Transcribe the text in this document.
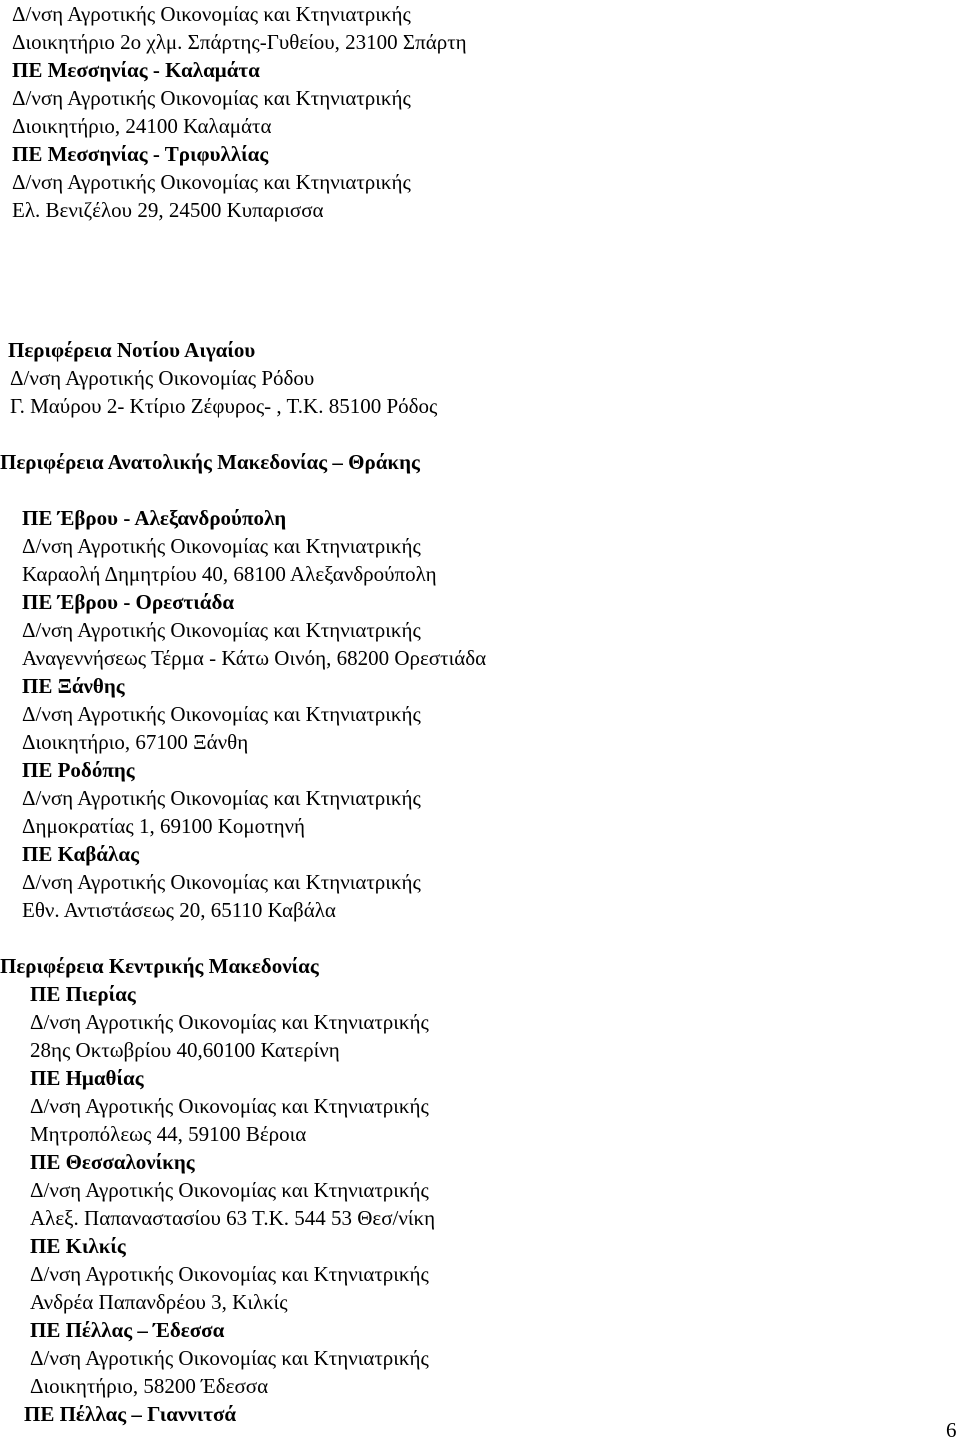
Δ/νση Αγροτικής Οικονομίας και Κτηνιατρικής
Διοικητήριο 2ο χλμ. Σπάρτης-Γυθείου, 23100 Σπάρτη
ΠΕ Μεσσηνίας - Καλαμάτα
Δ/νση Αγροτικής Οικονομίας και Κτηνιατρικής
Διοικητήριο, 24100 Καλαμάτα
ΠΕ Μεσσηνίας - Τριφυλλίας
Δ/νση Αγροτικής Οικονομίας και Κτηνιατρικής
Ελ. Βενιζέλου 29, 24500 Κυπαρισσα
Περιφέρεια Νοτίου Αιγαίου
Δ/νση Αγροτικής Οικονομίας Ρόδου
Γ. Μαύρου 2- Κτίριο Ζέφυρος- , Τ.Κ. 85100 Ρόδος
Περιφέρεια Ανατολικής Μακεδονίας – Θράκης
ΠΕ Έβρου - Αλεξανδρούπολη
Δ/νση Αγροτικής Οικονομίας και Κτηνιατρικής
Καραολή Δημητρίου 40, 68100 Αλεξανδρούπολη
ΠΕ Έβρου - Ορεστιάδα
Δ/νση Αγροτικής Οικονομίας και Κτηνιατρικής
Αναγεννήσεως Τέρμα - Κάτω Οινόη, 68200 Ορεστιάδα
ΠΕ Ξάνθης
Δ/νση Αγροτικής Οικονομίας και Κτηνιατρικής
Διοικητήριο, 67100 Ξάνθη
ΠΕ Ροδόπης
Δ/νση Αγροτικής Οικονομίας και Κτηνιατρικής
Δημοκρατίας 1, 69100 Κομοτηνή
ΠΕ Καβάλας
Δ/νση Αγροτικής Οικονομίας και Κτηνιατρικής
Εθν. Αντιστάσεως 20, 65110 Καβάλα
Περιφέρεια Κεντρικής Μακεδονίας
ΠΕ Πιερίας
Δ/νση Αγροτικής Οικονομίας και Κτηνιατρικής
28ης Οκτωβρίου 40,60100 Κατερίνη
ΠΕ Ημαθίας
Δ/νση Αγροτικής Οικονομίας και Κτηνιατρικής
Μητροπόλεως 44, 59100 Βέροια
ΠΕ Θεσσαλονίκης
Δ/νση Αγροτικής Οικονομίας και Κτηνιατρικής
Αλεξ. Παπαναστασίου 63 Τ.Κ. 544 53 Θεσ/νίκη
ΠΕ Κιλκίς
Δ/νση Αγροτικής Οικονομίας και Κτηνιατρικής
Ανδρέα Παπανδρέου 3, Κιλκίς
ΠΕ Πέλλας – Έδεσσα
Δ/νση Αγροτικής Οικονομίας και Κτηνιατρικής
Διοικητήριο, 58200 Έδεσσα
ΠΕ Πέλλας – Γιαννιτσά
6
